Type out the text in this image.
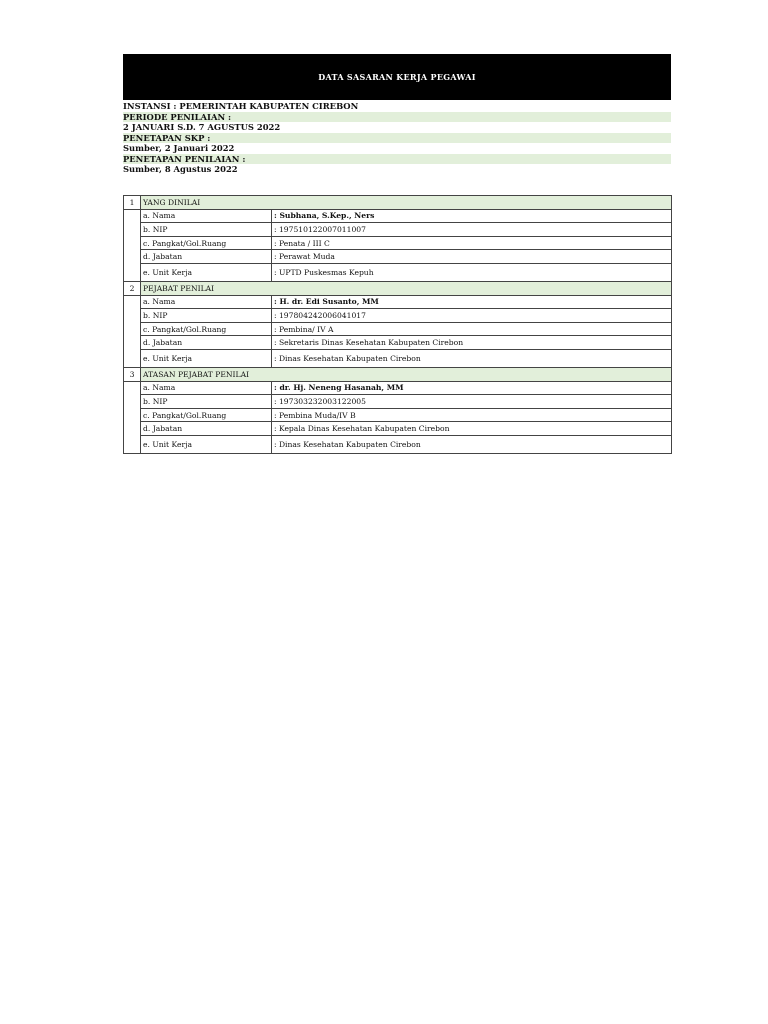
DATA SASARAN KERJA PEGAWAI
INSTANSI : PEMERINTAH KABUPATEN CIREBON
PERIODE PENILAIAN :
2 JANUARI S.D. 7 AGUSTUS 2022
PENETAPAN SKP :
Sumber, 2 Januari 2022
PENETAPAN PENILAIAN :
Sumber, 8 Agustus 2022
1	YANG DINILAI	
	a. Nama	: Subhana, S.Kep., Ners
	b. NIP	: 197510122007011007
	c. Pangkat/Gol.Ruang	: Penata / III C
	d. Jabatan	: Perawat Muda
	e. Unit Kerja	: UPTD Puskesmas Kepuh
2	PEJABAT PENILAI	
	a. Nama	: H. dr. Edi Susanto, MM
	b. NIP	: 197804242006041017
	c. Pangkat/Gol.Ruang	: Pembina/ IV A
	d. Jabatan	: Sekretaris Dinas Kesehatan Kabupaten Cirebon
	e. Unit Kerja	: Dinas Kesehatan Kabupaten Cirebon
3	ATASAN PEJABAT PENILAI	
	a. Nama	: dr. Hj. Neneng Hasanah, MM
	b. NIP	: 197303232003122005
	c. Pangkat/Gol.Ruang	: Pembina Muda/IV B
	d. Jabatan	: Kepala Dinas Kesehatan Kabupaten Cirebon
	e. Unit Kerja	: Dinas Kesehatan Kabupaten Cirebon
